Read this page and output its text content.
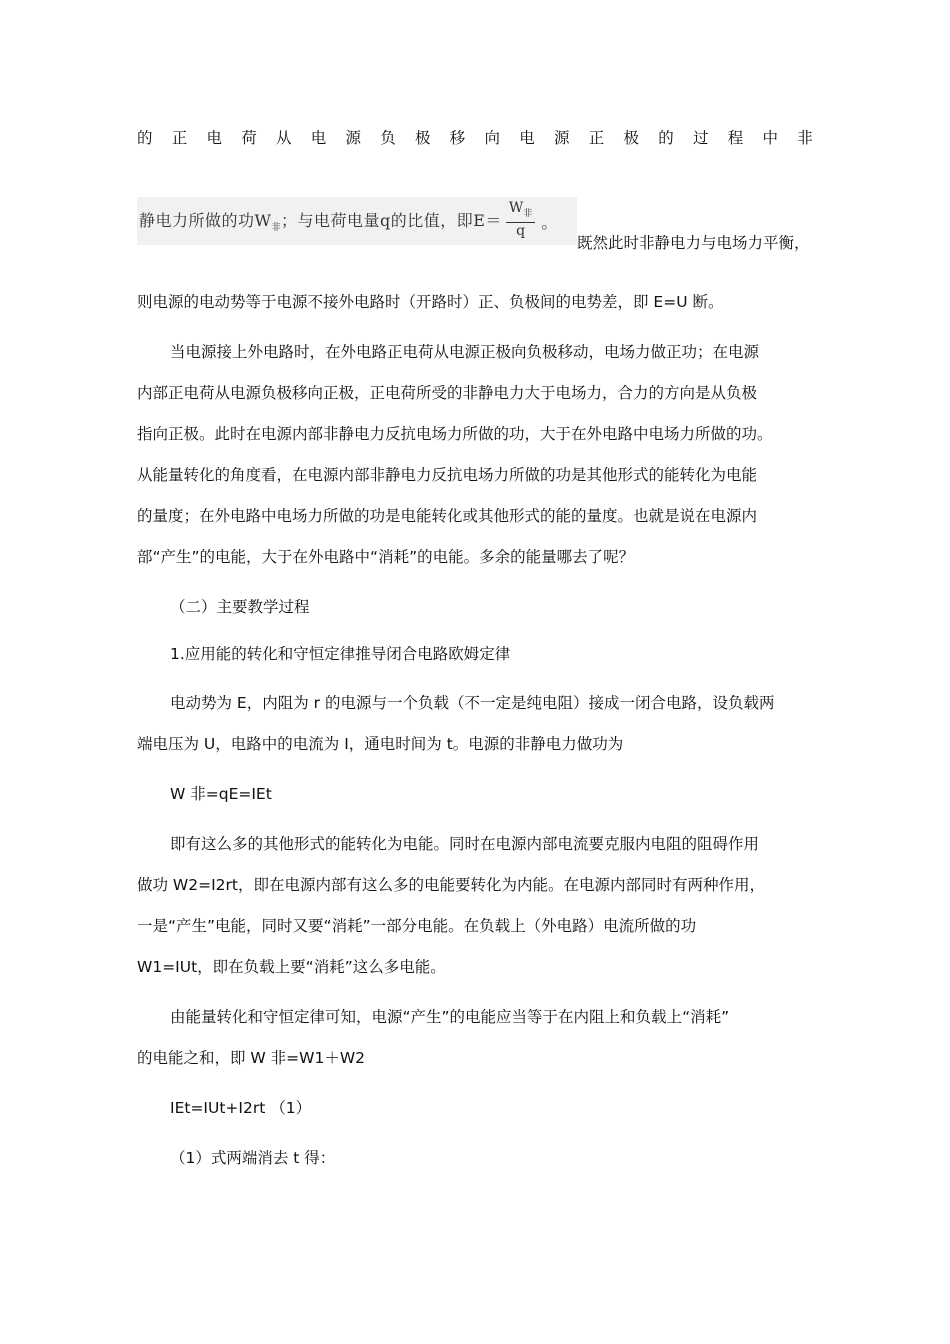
的 正 电 荷 从 电 源 负 极 移 向 电 源 正 极 的 过 程 中 非
静电力所做的功$W_非$；与电荷电量q的比值，即$E= \frac{W_非}{q}$ 。
既然此时非静电力与电场力平衡，
则电源的电动势等于电源不接外电路时（开路时）正、负极间的电势差，即 E=U 断。
当电源接上外电路时，在外电路正电荷从电源正极向负极移动，电场力做正功；在电源
内部正电荷从电源负极移向正极，正电荷所受的非静电力大于电场力，合力的方向是从负极
指向正极。此时在电源内部非静电力反抗电场力所做的功，大于在外电路中电场力所做的功。
从能量转化的角度看，在电源内部非静电力反抗电场力所做的功是其他形式的能转化为电能
的量度；在外电路中电场力所做的功是电能转化或其他形式的能的量度。也就是说在电源内
部“产生”的电能，大于在外电路中“消耗”的电能。多余的能量哪去了呢？
（二）主要教学过程
1.应用能的转化和守恒定律推导闭合电路欧姆定律
电动势为 E，内阻为 r 的电源与一个负载（不一定是纯电阻）接成一闭合电路，设负载两
端电压为 U，电路中的电流为 I，通电时间为 t。电源的非静电力做功为
W 非=qE=IEt
即有这么多的其他形式的能转化为电能。同时在电源内部电流要克服内电阻的阻碍作用
做功 W2=I2rt，即在电源内部有这么多的电能要转化为内能。在电源内部同时有两种作用，
一是“产生”电能，同时又要“消耗”一部分电能。在负载上（外电路）电流所做的功
W1=IUt，即在负载上要“消耗”这么多电能。
由能量转化和守恒定律可知，电源“产生”的电能应当等于在内阻上和负载上“消耗”
的电能之和，即 W 非=W1＋W2
IEt=IUt+I2rt （1）
（1）式两端消去 t 得：
